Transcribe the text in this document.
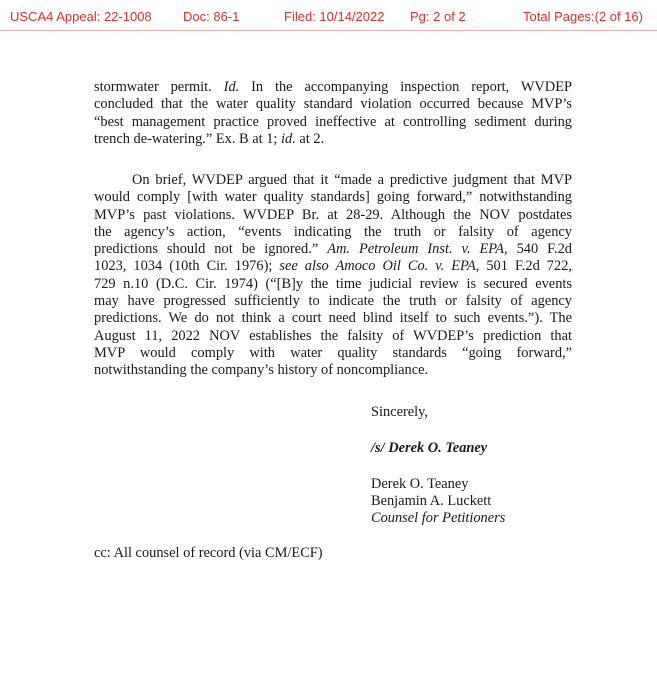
USCA4 Appeal: 22-1008 Doc: 86-1	Filed: 10/14/2022 Pg: 2 of 2	Total Pages:(2 of 16)
stormwater permit. Id. In the accompanying inspection report, WVDEP
concluded that the water quality standard violation occurred because MVP’s
“best management practice proved ineffective at controlling sediment during
trench de-watering.” Ex. B at 1; id. at 2.
On brief, WVDEP argued that it “made a predictive judgment that MVP
would comply [with water quality standards] going forward,” notwithstanding
MVP’s past violations. WVDEP Br. at 28-29. Although the NOV postdates
the agency’s action, “events indicating the truth or falsity of agency
predictions should not be ignored.” Am. Petroleum Inst. v. EPA, 540 F.2d
1023, 1034 (10th Cir. 1976); see also Amoco Oil Co. v. EPA, 501 F.2d 722,
729 n.10 (D.C. Cir. 1974) (“[B]y the time judicial review is secured events
may have progressed sufficiently to indicate the truth or falsity of agency
predictions. We do not think a court need blind itself to such events.”). The
August 11, 2022 NOV establishes the falsity of WVDEP’s prediction that
MVP would comply with water quality standards “going forward,”
notwithstanding the company’s history of noncompliance.
Sincerely,
/s/ Derek O. Teaney
Derek O. Teaney
Benjamin A. Luckett
Counsel for Petitioners
cc: All counsel of record (via CM/ECF)
